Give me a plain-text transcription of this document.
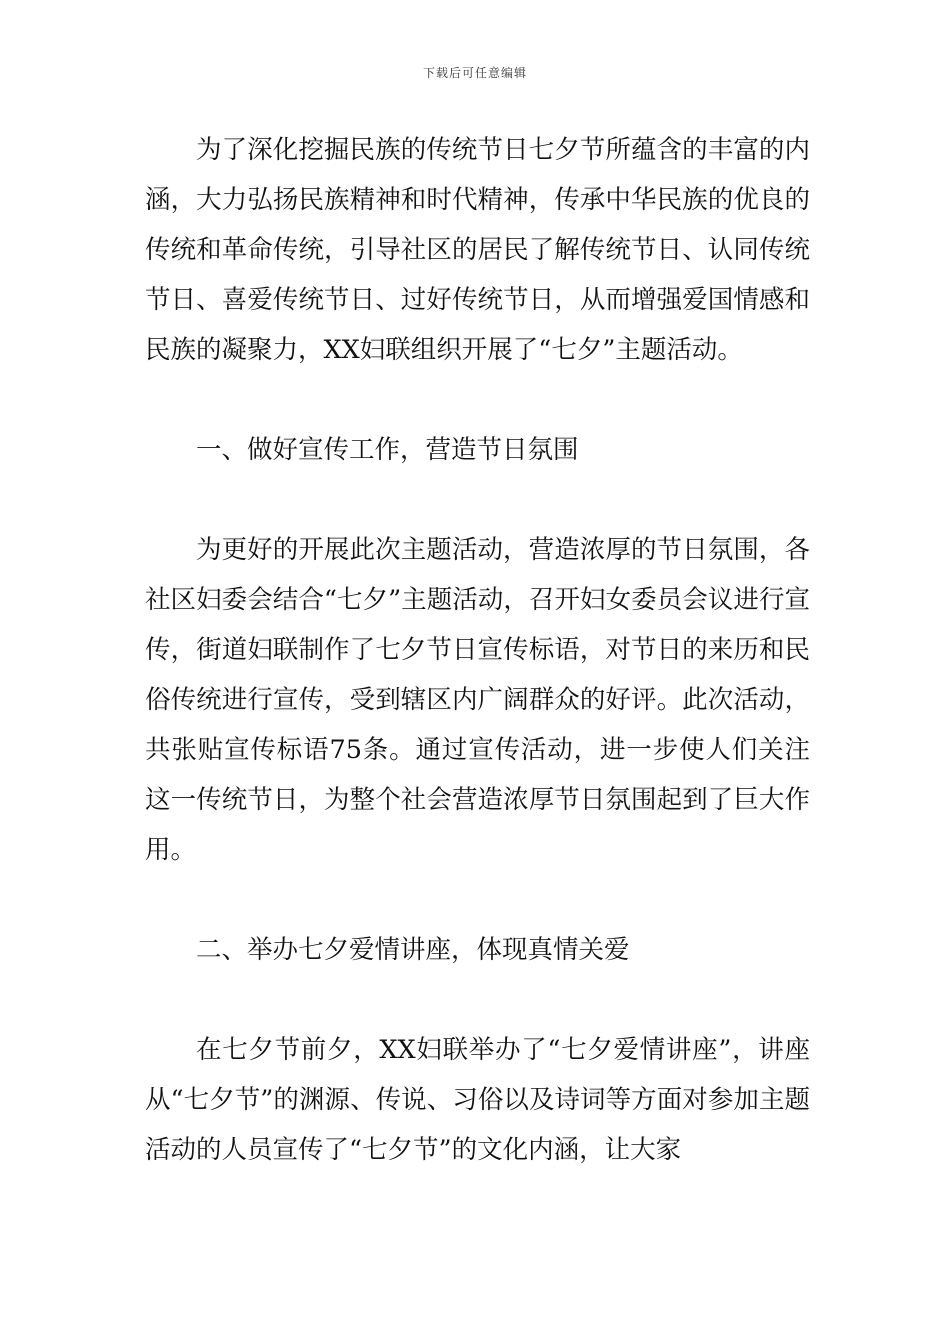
下载后可任意编辑

为了深化挖掘民族的传统节日七夕节所蕴含的丰富的内涵，大力弘扬民族精神和时代精神，传承中华民族的优良的传统和革命传统，引导社区的居民了解传统节日、认同传统节日、喜爱传统节日、过好传统节日，从而增强爱国情感和民族的凝聚力，XX妇联组织开展了“七夕”主题活动。

一、做好宣传工作，营造节日氛围

为更好的开展此次主题活动，营造浓厚的节日氛围，各社区妇委会结合“七夕”主题活动，召开妇女委员会议进行宣传，街道妇联制作了七夕节日宣传标语，对节日的来历和民俗传统进行宣传，受到辖区内广阔群众的好评。此次活动，共张贴宣传标语75条。通过宣传活动，进一步使人们关注这一传统节日，为整个社会营造浓厚节日氛围起到了巨大作用。

二、举办七夕爱情讲座，体现真情关爱

在七夕节前夕，XX妇联举办了“七夕爱情讲座”，讲座从“七夕节”的渊源、传说、习俗以及诗词等方面对参加主题活动的人员宣传了“七夕节”的文化内涵，让大家
